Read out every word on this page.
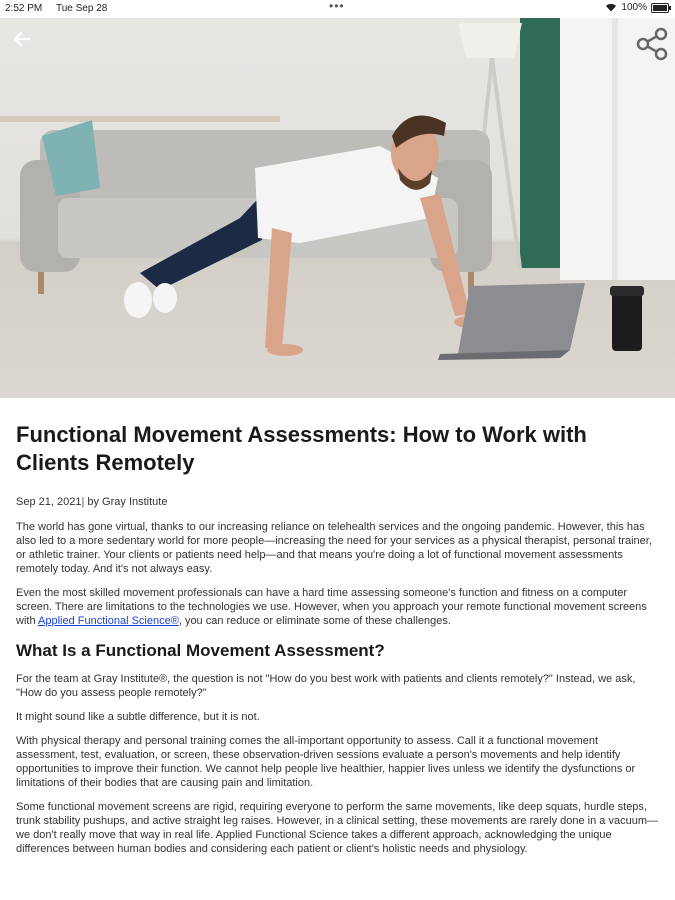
2:52 PM Tue Sep 28	•••	100%
Functional Movement Assessments: How to Work with Clients Remotely
Sep 21, 2021| by Gray Institute

The world has gone virtual, thanks to our increasing reliance on telehealth services and the ongoing pandemic. However, this has also led to a more sedentary world for more people—increasing the need for your services as a physical therapist, personal trainer, or athletic trainer. Your clients or patients need help—and that means you're doing a lot of functional movement assessments remotely today. And it's not always easy.

Even the most skilled movement professionals can have a hard time assessing someone's function and fitness on a computer screen. There are limitations to the technologies we use. However, when you approach your remote functional movement screens with Applied Functional Science®, you can reduce or eliminate some of these challenges.

What Is a Functional Movement Assessment?

For the team at Gray Institute®, the question is not "How do you best work with patients and clients remotely?" Instead, we ask, "How do you assess people remotely?"

It might sound like a subtle difference, but it is not.

With physical therapy and personal training comes the all-important opportunity to assess. Call it a functional movement assessment, test, evaluation, or screen, these observation-driven sessions evaluate a person's movements and help identify opportunities to improve their function. We cannot help people live healthier, happier lives unless we identify the dysfunctions or limitations of their bodies that are causing pain and limitation.

Some functional movement screens are rigid, requiring everyone to perform the same movements, like deep squats, hurdle steps, trunk stability pushups, and active straight leg raises. However, in a clinical setting, these movements are rarely done in a vacuum—we don't really move that way in real life. Applied Functional Science takes a different approach, acknowledging the unique differences between human bodies and considering each patient or client's holistic needs and physiology.
